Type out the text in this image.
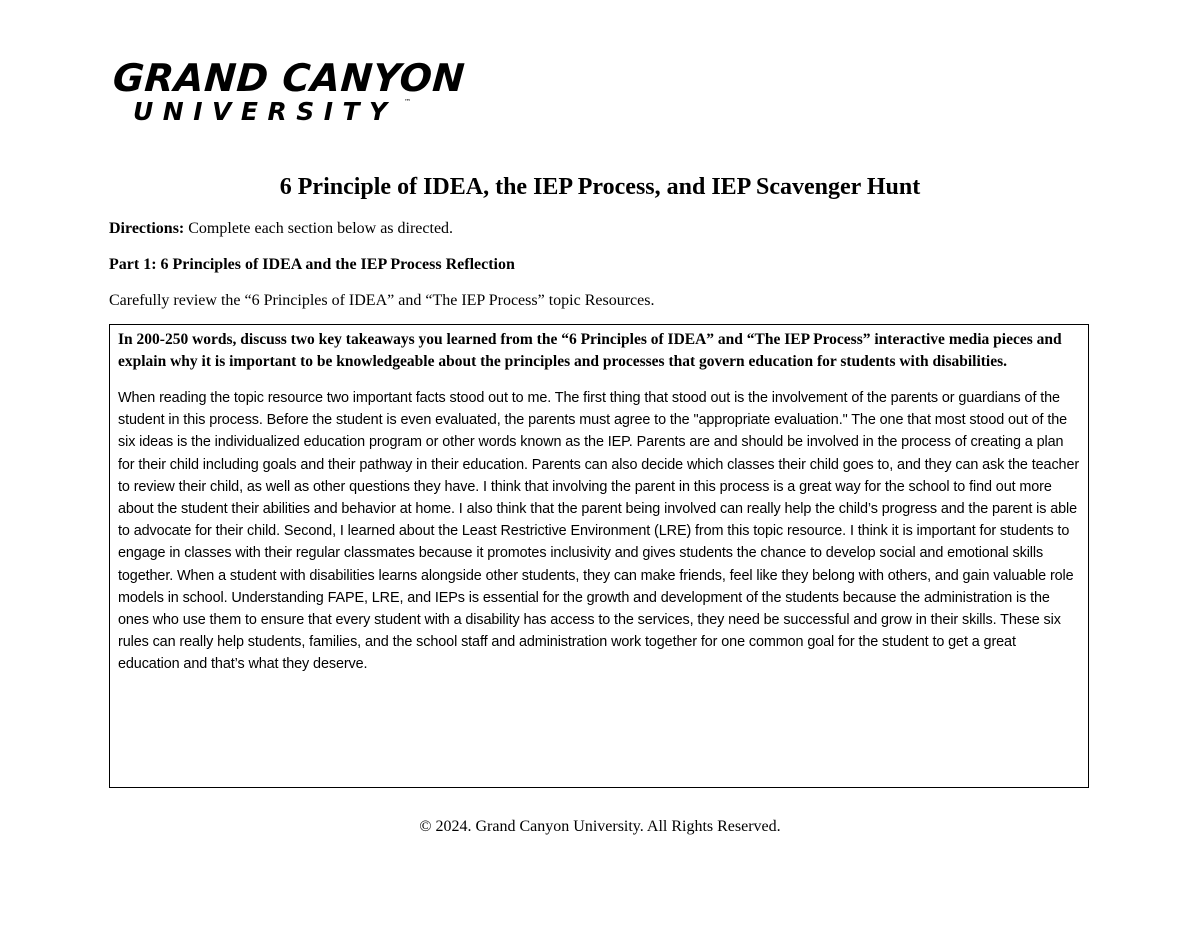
GRAND CANYON
UNIVERSITY ™
6 Principle of IDEA, the IEP Process, and IEP Scavenger Hunt
Directions: Complete each section below as directed.
Part 1: 6 Principles of IDEA and the IEP Process Reflection
Carefully review the “6 Principles of IDEA” and “The IEP Process” topic Resources.

In 200-250 words, discuss two key takeaways you learned from the “6 Principles of IDEA” and “The IEP Process” interactive media pieces and explain why it is important to be knowledgeable about the principles and processes that govern education for students with disabilities.

When reading the topic resource two important facts stood out to me. The first thing that stood out is the involvement of the parents or guardians of the student in this process. Before the student is even evaluated, the parents must agree to the "appropriate evaluation." The one that most stood out of the six ideas is the individualized education program or other words known as the IEP. Parents are and should be involved in the process of creating a plan for their child including goals and their pathway in their education. Parents can also decide which classes their child goes to, and they can ask the teacher to review their child, as well as other questions they have. I think that involving the parent in this process is a great way for the school to find out more about the student their abilities and behavior at home. I also think that the parent being involved can really help the child’s progress and the parent is able to advocate for their child. Second, I learned about the Least Restrictive Environment (LRE) from this topic resource. I think it is important for students to engage in classes with their regular classmates because it promotes inclusivity and gives students the chance to develop social and emotional skills together. When a student with disabilities learns alongside other students, they can make friends, feel like they belong with others, and gain valuable role models in school. Understanding FAPE, LRE, and IEPs is essential for the growth and development of the students because the administration is the ones who use them to ensure that every student with a disability has access to the services, they need be successful and grow in their skills. These six rules can really help students, families, and the school staff and administration work together for one common goal for the student to get a great education and that’s what they deserve.

© 2024. Grand Canyon University. All Rights Reserved.
